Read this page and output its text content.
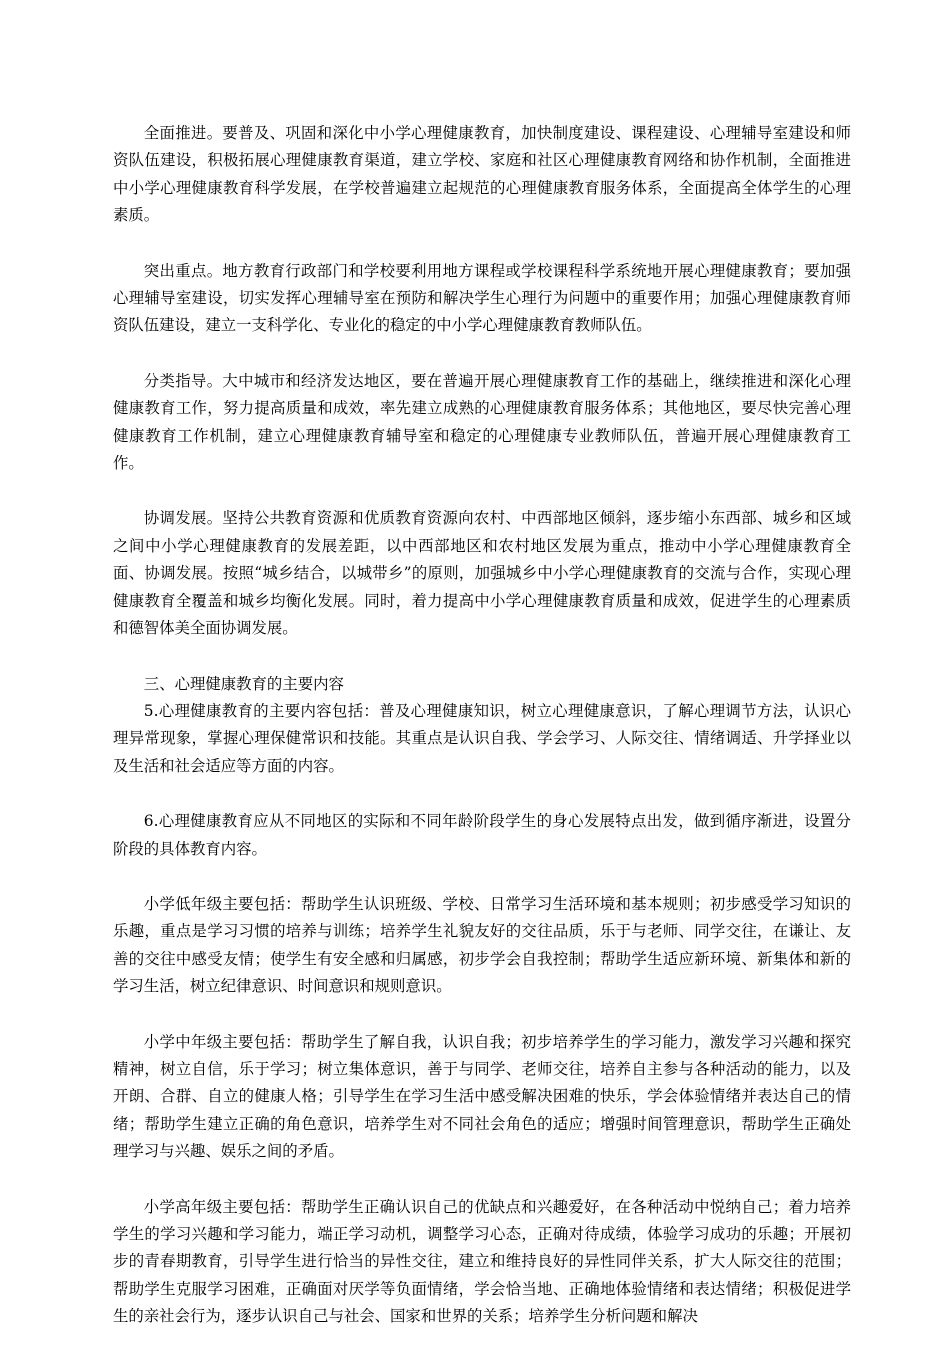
全面推进。要普及、巩固和深化中小学心理健康教育，加快制度建设、课程建设、心理辅导室建设和师资队伍建设，积极拓展心理健康教育渠道，建立学校、家庭和社区心理健康教育网络和协作机制，全面推进中小学心理健康教育科学发展，在学校普遍建立起规范的心理健康教育服务体系，全面提高全体学生的心理素质。

突出重点。地方教育行政部门和学校要利用地方课程或学校课程科学系统地开展心理健康教育；要加强心理辅导室建设，切实发挥心理辅导室在预防和解决学生心理行为问题中的重要作用；加强心理健康教育师资队伍建设，建立一支科学化、专业化的稳定的中小学心理健康教育教师队伍。

分类指导。大中城市和经济发达地区，要在普遍开展心理健康教育工作的基础上，继续推进和深化心理健康教育工作，努力提高质量和成效，率先建立成熟的心理健康教育服务体系；其他地区，要尽快完善心理健康教育工作机制，建立心理健康教育辅导室和稳定的心理健康专业教师队伍，普遍开展心理健康教育工作。

协调发展。坚持公共教育资源和优质教育资源向农村、中西部地区倾斜，逐步缩小东西部、城乡和区域之间中小学心理健康教育的发展差距，以中西部地区和农村地区发展为重点，推动中小学心理健康教育全面、协调发展。按照“城乡结合，以城带乡”的原则，加强城乡中小学心理健康教育的交流与合作，实现心理健康教育全覆盖和城乡均衡化发展。同时，着力提高中小学心理健康教育质量和成效，促进学生的心理素质和德智体美全面协调发展。

三、心理健康教育的主要内容

5.心理健康教育的主要内容包括：普及心理健康知识，树立心理健康意识，了解心理调节方法，认识心理异常现象，掌握心理保健常识和技能。其重点是认识自我、学会学习、人际交往、情绪调适、升学择业以及生活和社会适应等方面的内容。

6.心理健康教育应从不同地区的实际和不同年龄阶段学生的身心发展特点出发，做到循序渐进，设置分阶段的具体教育内容。

小学低年级主要包括：帮助学生认识班级、学校、日常学习生活环境和基本规则；初步感受学习知识的乐趣，重点是学习习惯的培养与训练；培养学生礼貌友好的交往品质，乐于与老师、同学交往，在谦让、友善的交往中感受友情；使学生有安全感和归属感，初步学会自我控制；帮助学生适应新环境、新集体和新的学习生活，树立纪律意识、时间意识和规则意识。

小学中年级主要包括：帮助学生了解自我，认识自我；初步培养学生的学习能力，激发学习兴趣和探究精神，树立自信，乐于学习；树立集体意识，善于与同学、老师交往，培养自主参与各种活动的能力，以及开朗、合群、自立的健康人格；引导学生在学习生活中感受解决困难的快乐，学会体验情绪并表达自己的情绪；帮助学生建立正确的角色意识，培养学生对不同社会角色的适应；增强时间管理意识，帮助学生正确处理学习与兴趣、娱乐之间的矛盾。

小学高年级主要包括：帮助学生正确认识自己的优缺点和兴趣爱好，在各种活动中悦纳自己；着力培养学生的学习兴趣和学习能力，端正学习动机，调整学习心态，正确对待成绩，体验学习成功的乐趣；开展初步的青春期教育，引导学生进行恰当的异性交往，建立和维持良好的异性同伴关系，扩大人际交往的范围；帮助学生克服学习困难，正确面对厌学等负面情绪，学会恰当地、正确地体验情绪和表达情绪；积极促进学生的亲社会行为，逐步认识自己与社会、国家和世界的关系；培养学生分析问题和解决
